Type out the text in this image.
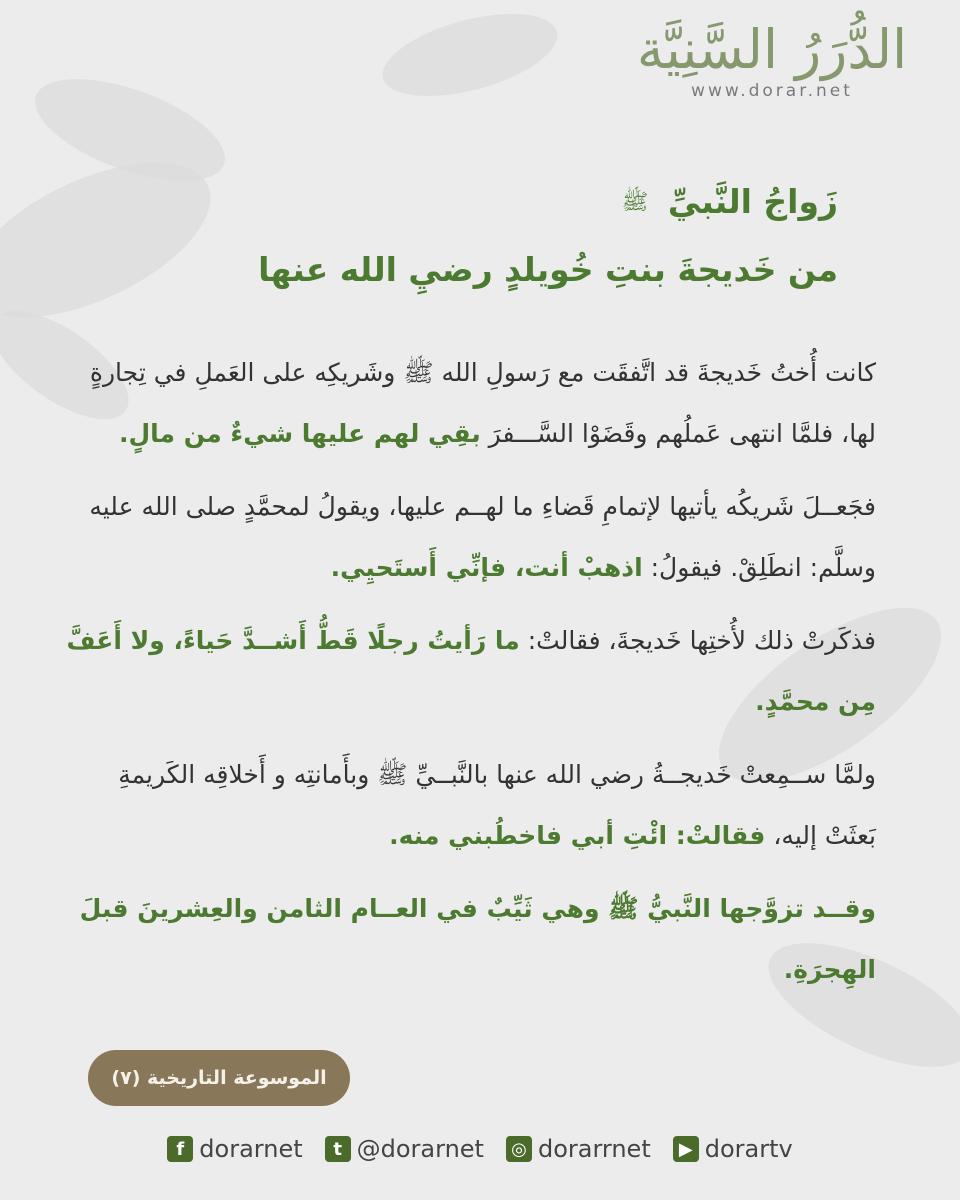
الدُّرَرُ السَّنِيَّة
www.dorar.net
زَواجُ النَّبيِّ ﷺ
من خَديجةَ بنتِ خُويلدٍ رضيِ الله عنها

كانت أُختُ خَديجةَ قد اتَّفقَت مع رَسولِ الله ﷺ وشَريكِه على العَملِ في تِجارةٍ لها، فلمَّا انتهى عَملُهم وقَضَوْا السَّـــفرَ بقِي لهم عليها شيءٌ من مالٍ.

فجَعــلَ شَريكُه يأتيها لإتمامِ قَضاءِ ما لهــم عليها، ويقولُ لمحمَّدٍ صلى الله عليه وسلَّم: انطَلِقْ. فيقولُ: اذهبْ أنت، فإنِّي أَستَحيِي.

فذكَرتْ ذلك لأُختِها خَديجةَ، فقالتْ: ما رَأيتُ رجلًا قَطُّ أَشــدَّ حَياءً، ولا أَعَفَّ مِن محمَّدٍ.

ولمَّا ســمِعتْ خَديجــةُ رضي الله عنها بالنَّبــيِّ ﷺ وبأَمانتِه و أَخلاقِه الكَريمةِ بَعثَتْ إليه، فقالتْ: ائْتِ أبي فاخطُبني منه.

وقــد تزوَّجها النَّبيُّ ﷺ وهي ثَيِّبٌ في العــام الثامن والعِشرينَ قبلَ الهِجرَةِ.

الموسوعة التاريخية (٧)
f dorarnet	t @dorarnet ◎ dorarrnet	▶ dorartv
